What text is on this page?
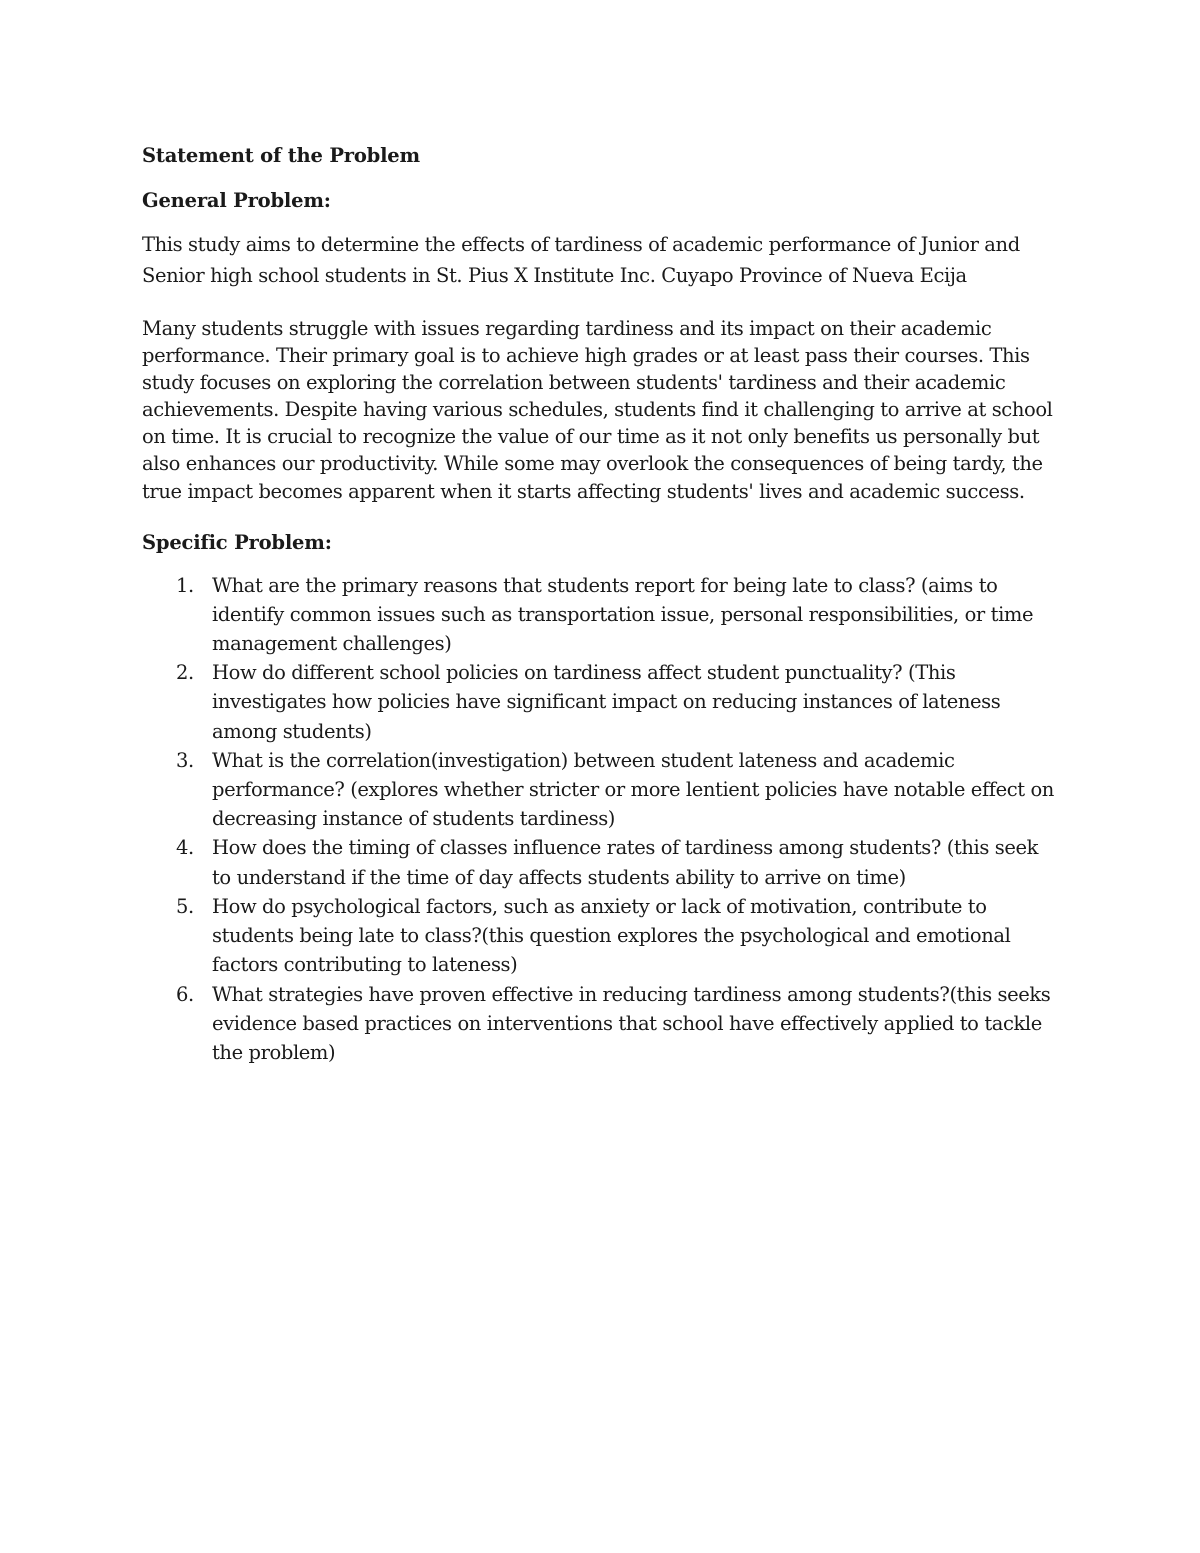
Statement of the Problem
General Problem:

This study aims to determine the effects of tardiness of academic performance of Junior and Senior high school students in St. Pius X Institute Inc. Cuyapo Province of Nueva Ecija

Many students struggle with issues regarding tardiness and its impact on their academic performance. Their primary goal is to achieve high grades or at least pass their courses. This study focuses on exploring the correlation between students' tardiness and their academic achievements. Despite having various schedules, students find it challenging to arrive at school on time. It is crucial to recognize the value of our time as it not only benefits us personally but also enhances our productivity. While some may overlook the consequences of being tardy, the true impact becomes apparent when it starts affecting students' lives and academic success.

Specific Problem:
1. What are the primary reasons that students report for being late to class? (aims to identify common issues such as transportation issue, personal responsibilities, or time management challenges)
2. How do different school policies on tardiness affect student punctuality? (This investigates how policies have significant impact on reducing instances of lateness among students)
3. What is the correlation(investigation) between student lateness and academic performance? (explores whether stricter or more lentient policies have notable effect on decreasing instance of students tardiness)
4. How does the timing of classes influence rates of tardiness among students? (this seek to understand if the time of day affects students ability to arrive on time)
5. How do psychological factors, such as anxiety or lack of motivation, contribute to students being late to class?(this question explores the psychological and emotional factors contributing to lateness)
6. What strategies have proven effective in reducing tardiness among students?(this seeks evidence based practices on interventions that school have effectively applied to tackle the problem)
